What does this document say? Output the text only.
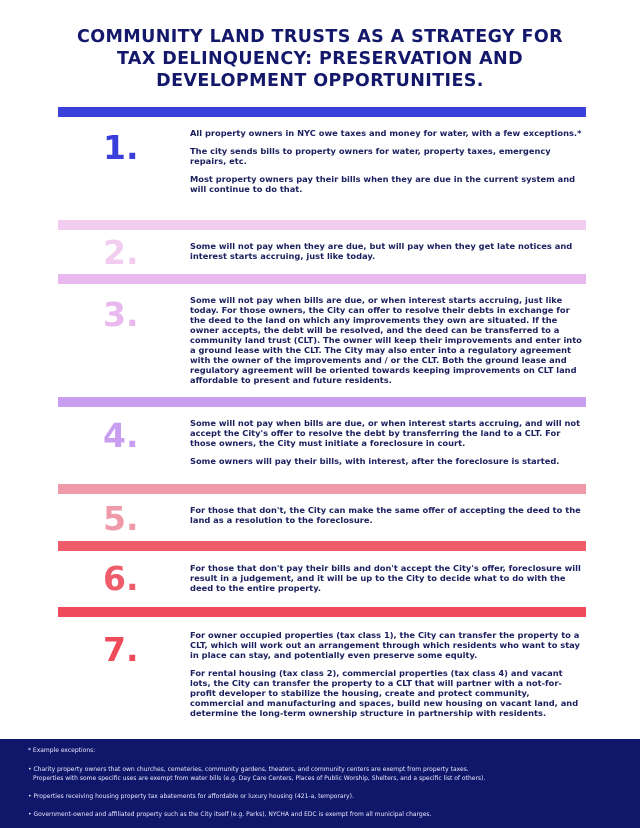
COMMUNITY LAND TRUSTS AS A STRATEGY FOR
TAX DELINQUENCY: PRESERVATION AND
DEVELOPMENT OPPORTUNITIES.
1.	All property owners in NYC owe taxes and money for water, with a few exceptions.*

The city sends bills to property owners for water, property taxes, emergency repairs, etc.

Most property owners pay their bills when they are due in the current system and will continue to do that.

2.	Some will not pay when they are due, but will pay when they get late notices and interest starts accruing, just like today.

3.	Some will not pay when bills are due, or when interest starts accruing, just like today. For those owners, the City can offer to resolve their debts in exchange for the deed to the land on which any improvements they own are situated. If the owner accepts, the debt will be resolved, and the deed can be transferred to a community land trust (CLT). The owner will keep their improvements and enter into a ground lease with the CLT. The City may also enter into a regulatory agreement with the owner of the improvements and / or the CLT. Both the ground lease and regulatory agreement will be oriented towards keeping improvements on CLT land affordable to present and future residents.

4.	Some will not pay when bills are due, or when interest starts accruing, and will not accept the City's offer to resolve the debt by transferring the land to a CLT. For those owners, the City must initiate a foreclosure in court.

Some owners will pay their bills, with interest, after the foreclosure is started.

5.	For those that don't, the City can make the same offer of accepting the deed to the land as a resolution to the foreclosure.

6.	For those that don't pay their bills and don't accept the City's offer, foreclosure will result in a judgement, and it will be up to the City to decide what to do with the deed to the entire property.

7.	For owner occupied properties (tax class 1), the City can transfer the property to a CLT, which will work out an arrangement through which residents who want to stay in place can stay, and potentially even preserve some equity.

For rental housing (tax class 2), commercial properties (tax class 4) and vacant lots, the City can transfer the property to a CLT that will partner with a not-for-profit developer to stabilize the housing, create and protect community, commercial and manufacturing and spaces, build new housing on vacant land, and determine the long-term ownership structure in partnership with residents.

* Example exceptions:
• Charity property owners that own churches, cemeteries, community gardens, theaters, and community centers are exempt from property taxes.
Properties with some specific uses are exempt from water bills (e.g. Day Care Centers, Places of Public Worship, Shelters, and a specific list of others).
• Properties receiving housing property tax abatements for affordable or luxury housing (421-a, temporary).
• Government-owned and affiliated property such as the City itself (e.g. Parks), NYCHA and EDC is exempt from all municipal charges.
